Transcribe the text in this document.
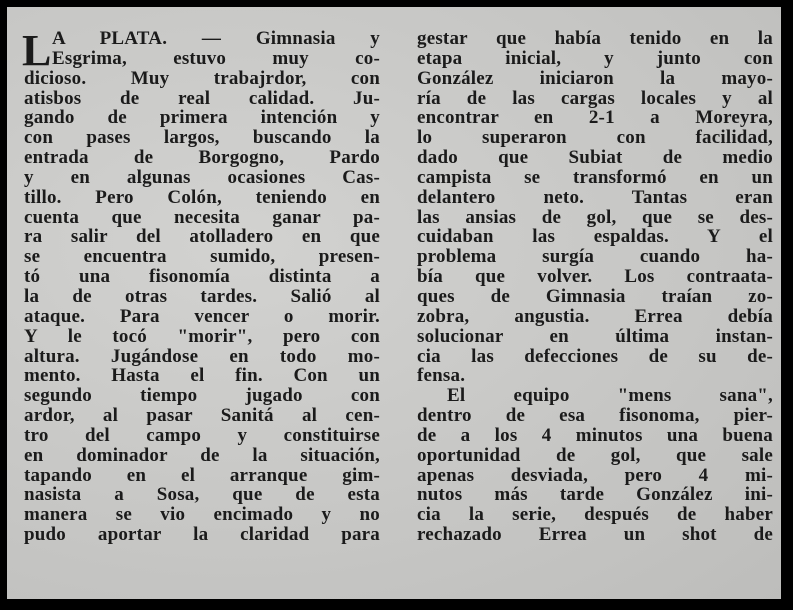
L A PLATA. — Gimnasia y
Esgrima, estuvo muy co-
dicioso. Muy trabajrdor, con
atisbos de real calidad. Ju-
gando de primera intención y
con pases largos, buscando la
entrada de Borgogno, Pardo
y en algunas ocasiones Cas-
tillo. Pero Colón, teniendo en
cuenta que necesita ganar pa-
ra salir del atolladero en que
se encuentra sumido, presen-
tó una fisonomía distinta a
la de otras tardes. Salió al
ataque. Para vencer o morir.
Y le tocó "morir", pero con
altura. Jugándose en todo mo-
mento. Hasta el fin. Con un
segundo tiempo jugado con
ardor, al pasar Sanitá al cen-
tro del campo y constituirse
en dominador de la situación,
tapando en el arranque gim-
nasista a Sosa, que de esta
manera se vio encimado y no
pudo aportar la claridad para
gestar que había tenido en la
etapa inicial, y junto con
González iniciaron la mayo-
ría de las cargas locales y al
encontrar en 2-1 a Moreyra,
lo superaron con facilidad,
dado que Subiat de medio
campista se transformó en un
delantero neto. Tantas eran
las ansias de gol, que se des-
cuidaban las espaldas. Y el
problema surgía cuando ha-
bía que volver. Los contraata-
ques de Gimnasia traían zo-
zobra, angustia. Errea debía
solucionar en última instan-
cia las defecciones de su de-
fensa.
El equipo "mens sana",
dentro de esa fisonoma, pier-
de a los 4 minutos una buena
oportunidad de gol, que sale
apenas desviada, pero 4 mi-
nutos más tarde González ini-
cia la serie, después de haber
rechazado Errea un shot de
